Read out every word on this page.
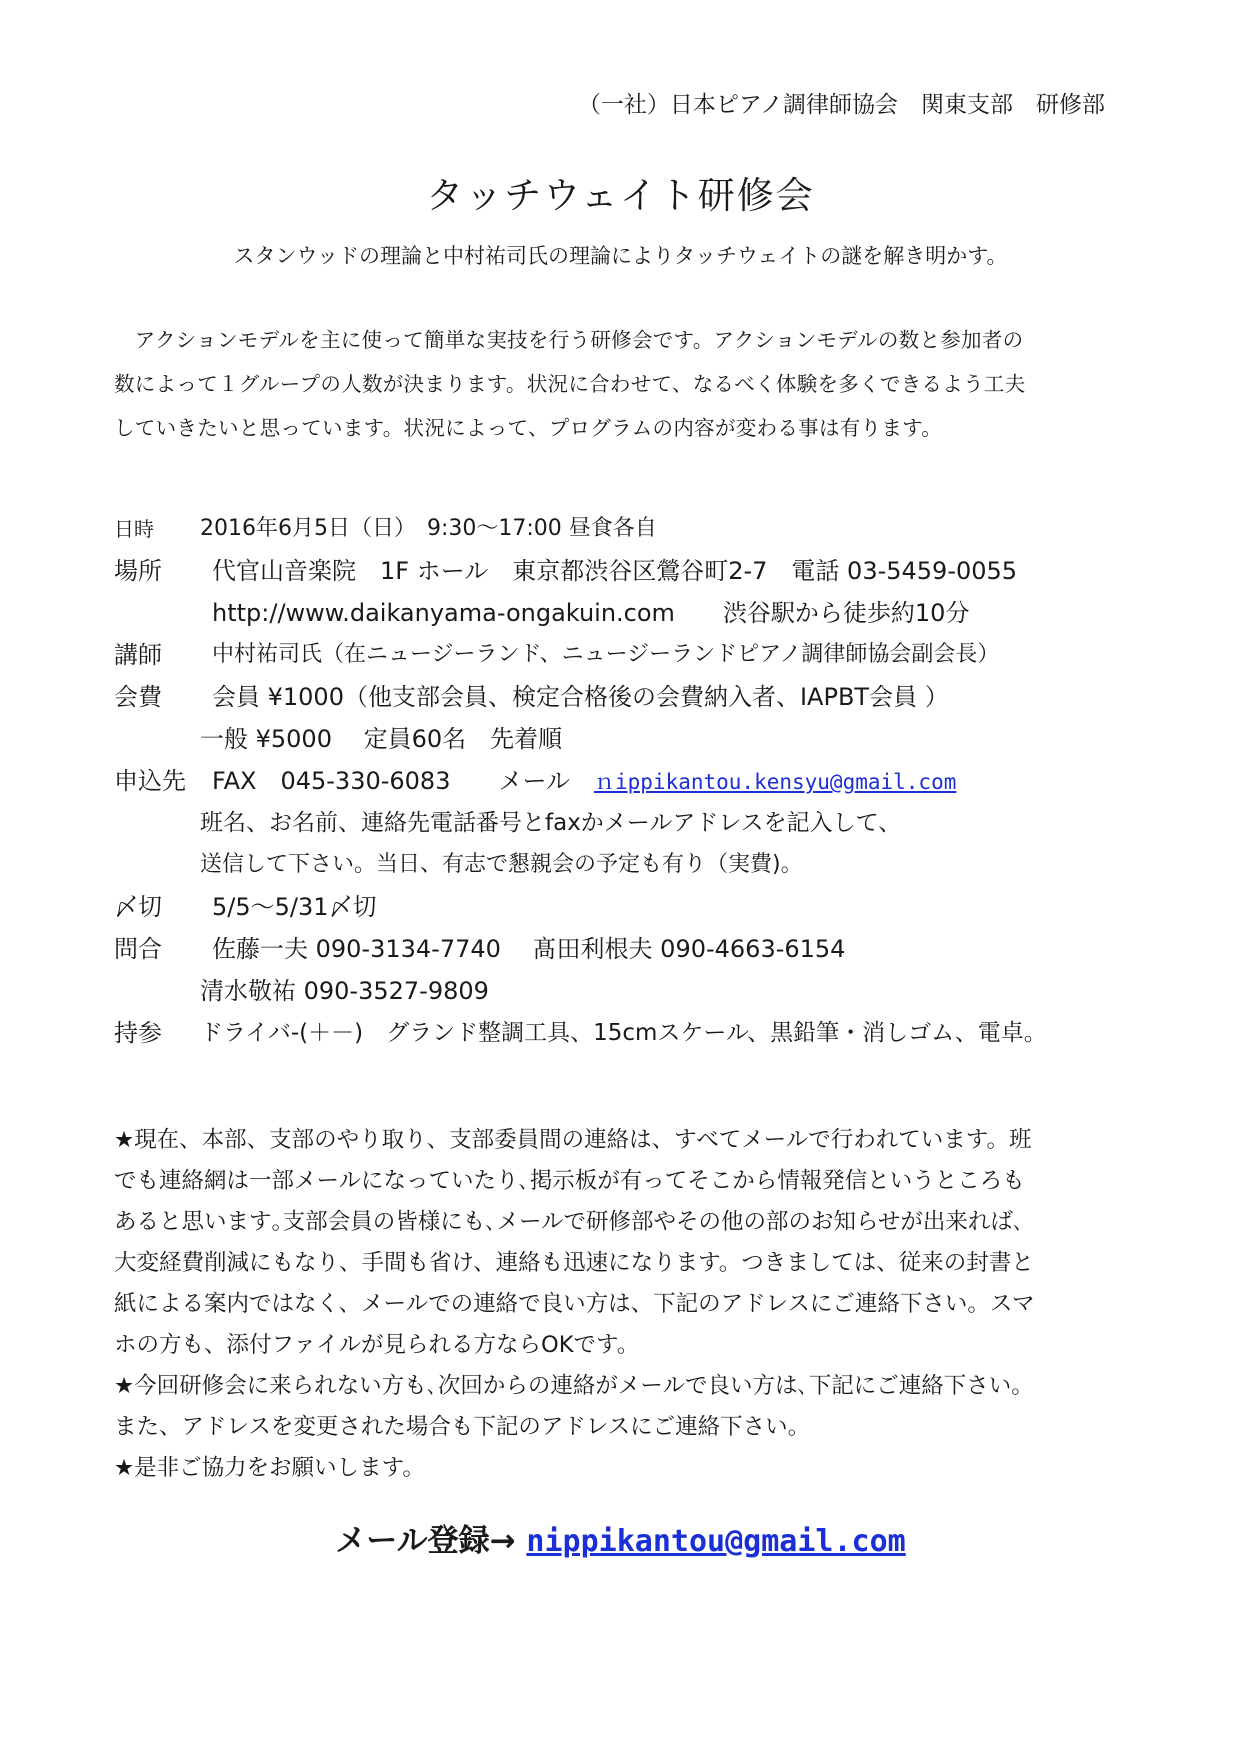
（一社）日本ピアノ調律師協会　関東支部　研修部
タッチウェイト研修会
スタンウッドの理論と中村祐司氏の理論によりタッチウェイトの謎を解き明かす。
　アクションモデルを主に使って簡単な実技を行う研修会です。アクションモデルの数と参加者の
数によって１グループの人数が決まります。状況に合わせて、なるべく体験を多くできるよう工夫
していきたいと思っています。状況によって、プログラムの内容が変わる事は有ります。
日時 2016年6月5日（日）　9:30〜17:00 昼食各自
場所 代官山音楽院　1F ホール　東京都渋谷区鶯谷町2-7　電話 03-5459-0055
http://www.daikanyama-ongakuin.com　　渋谷駅から徒歩約10分
講師 中村祐司氏（在ニュージーランド、ニュージーランドピアノ調律師協会副会長）
会費 会員 ¥1000（他支部会員、検定合格後の会費納入者、IAPBT会員 ）
一般 ¥5000　 定員60名　先着順
申込先 FAX　045-330-6083　　メール ｎippikantou.kensyu@gmail.com
班名、お名前、連絡先電話番号とfaxかメールアドレスを記入して、
送信して下さい。当日、有志で懇親会の予定も有り（実費)。
〆切 5/5〜5/31〆切
問合 佐藤一夫 090-3134-7740　 髙田利根夫 090-4663-6154
清水敬祐 090-3527-9809
持参 ドライバ-(＋－)　グランド整調工具、15cmスケール、黒鉛筆・消しゴム、電卓。
★現在、本部、支部のやり取り、支部委員間の連絡は、すべてメールで行われています。班
でも連絡網は一部メールになっていたり､掲示板が有ってそこから情報発信というところも
あると思います｡支部会員の皆様にも､メールで研修部やその他の部のお知らせが出来れば､
大変経費削減にもなり、手間も省け、連絡も迅速になります。つきましては、従来の封書と
紙による案内ではなく、メールでの連絡で良い方は、下記のアドレスにご連絡下さい。スマ
ホの方も、添付ファイルが見られる方ならOKです。
★今回研修会に来られない方も､次回からの連絡がメールで良い方は､下記にご連絡下さい｡
また、アドレスを変更された場合も下記のアドレスにご連絡下さい。
★是非ご協力をお願いします。
メール登録→ nippikantou@gmail.com
